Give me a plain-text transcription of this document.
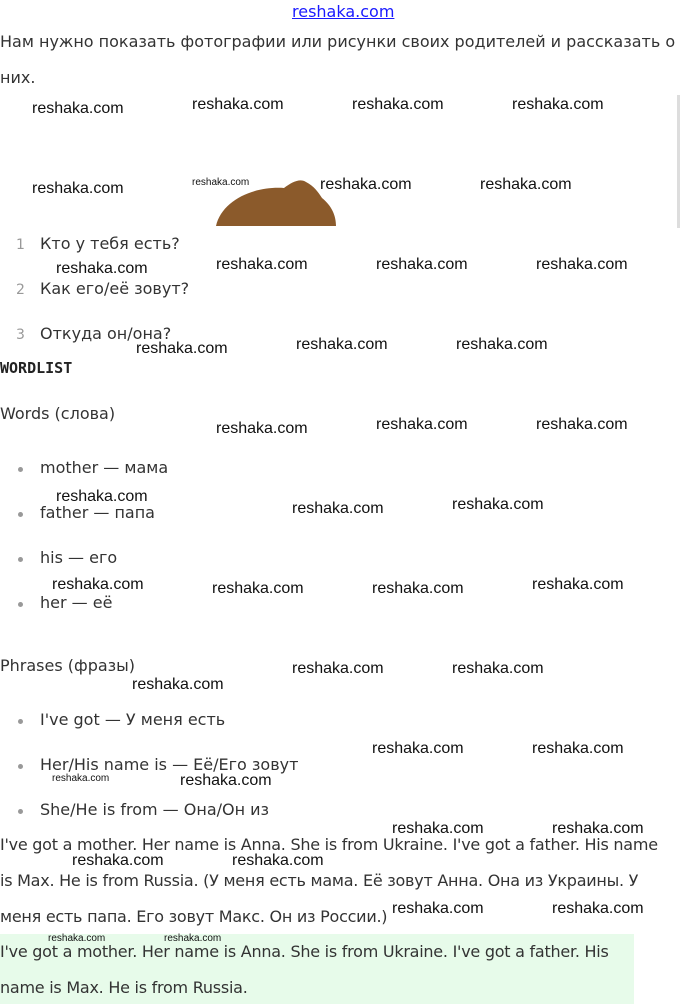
reshaka.com
Нам нужно показать фотографии или рисунки своих родителей и рассказать о
них.
1 Кто у тебя есть?
2 Как его/её зовут?
3 Откуда он/она?
WORDLIST
Words (слова)
mother — мама
father — папа
his — его
her — её
Phrases (фразы)
I've got — У меня есть
Her/His name is — Её/Его зовут
She/He is from — Она/Он из
I've got a mother. Her name is Anna. She is from Ukraine. I've got a father. His name
is Max. He is from Russia. (У меня есть мама. Её зовут Анна. Она из Украины. У
меня есть папа. Его зовут Макс. Он из России.)
I've got a mother. Her name is Anna. She is from Ukraine. I've got a father. His
name is Max. He is from Russia.
reshaka.com	reshaka.com	reshaka.com	reshaka.com
reshaka.com	reshaka.com	reshaka.com	reshaka.com
reshaka.com	reshaka.com	reshaka.com	reshaka.com
reshaka.com	reshaka.com	reshaka.com
reshaka.com	reshaka.com	reshaka.com
reshaka.com
reshaka.com	reshaka.com
reshaka.com	reshaka.com	reshaka.com	reshaka.com
reshaka.com	reshaka.com
reshaka.com
reshaka.com	reshaka.com
reshaka.com	reshaka.com
reshaka.com	reshaka.com
reshaka.com	reshaka.com
reshaka.com	reshaka.com
reshaka.com	reshaka.com
